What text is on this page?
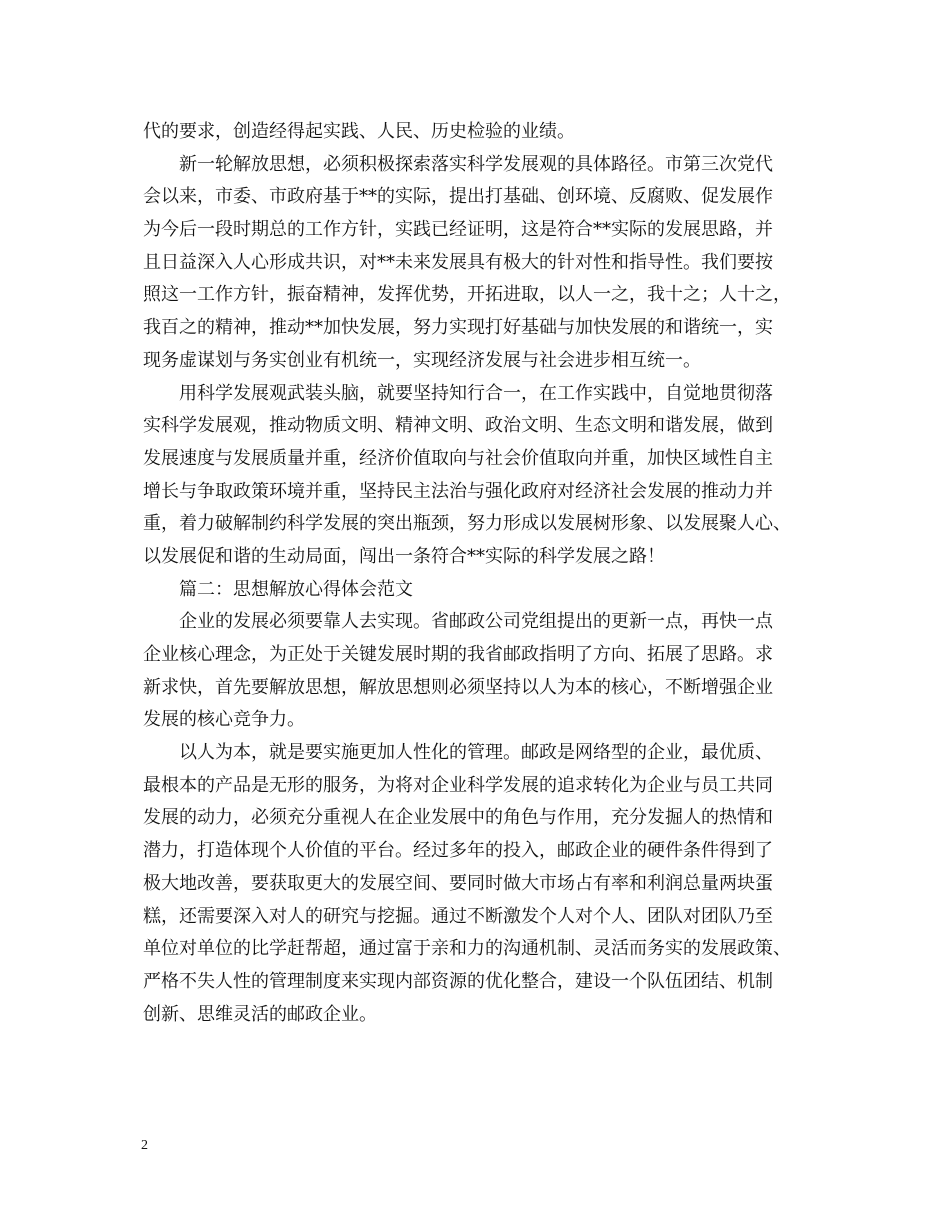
代的要求，创造经得起实践、人民、历史检验的业绩。
新一轮解放思想，必须积极探索落实科学发展观的具体路径。市第三次党代
会以来，市委、市政府基于**的实际，提出打基础、创环境、反腐败、促发展作
为今后一段时期总的工作方针，实践已经证明，这是符合**实际的发展思路，并
且日益深入人心形成共识，对**未来发展具有极大的针对性和指导性。我们要按
照这一工作方针，振奋精神，发挥优势，开拓进取，以人一之，我十之；人十之，
我百之的精神，推动**加快发展，努力实现打好基础与加快发展的和谐统一，实
现务虚谋划与务实创业有机统一，实现经济发展与社会进步相互统一。
用科学发展观武装头脑，就要坚持知行合一，在工作实践中，自觉地贯彻落
实科学发展观，推动物质文明、精神文明、政治文明、生态文明和谐发展，做到
发展速度与发展质量并重，经济价值取向与社会价值取向并重，加快区域性自主
增长与争取政策环境并重，坚持民主法治与强化政府对经济社会发展的推动力并
重，着力破解制约科学发展的突出瓶颈，努力形成以发展树形象、以发展聚人心、
以发展促和谐的生动局面，闯出一条符合**实际的科学发展之路！
篇二：思想解放心得体会范文
企业的发展必须要靠人去实现。省邮政公司党组提出的更新一点，再快一点
企业核心理念，为正处于关键发展时期的我省邮政指明了方向、拓展了思路。求
新求快，首先要解放思想，解放思想则必须坚持以人为本的核心，不断增强企业
发展的核心竞争力。
以人为本，就是要实施更加人性化的管理。邮政是网络型的企业，最优质、
最根本的产品是无形的服务，为将对企业科学发展的追求转化为企业与员工共同
发展的动力，必须充分重视人在企业发展中的角色与作用，充分发掘人的热情和
潜力，打造体现个人价值的平台。经过多年的投入，邮政企业的硬件条件得到了
极大地改善，要获取更大的发展空间、要同时做大市场占有率和利润总量两块蛋
糕，还需要深入对人的研究与挖掘。通过不断激发个人对个人、团队对团队乃至
单位对单位的比学赶帮超，通过富于亲和力的沟通机制、灵活而务实的发展政策、
严格不失人性的管理制度来实现内部资源的优化整合，建设一个队伍团结、机制
创新、思维灵活的邮政企业。
2
